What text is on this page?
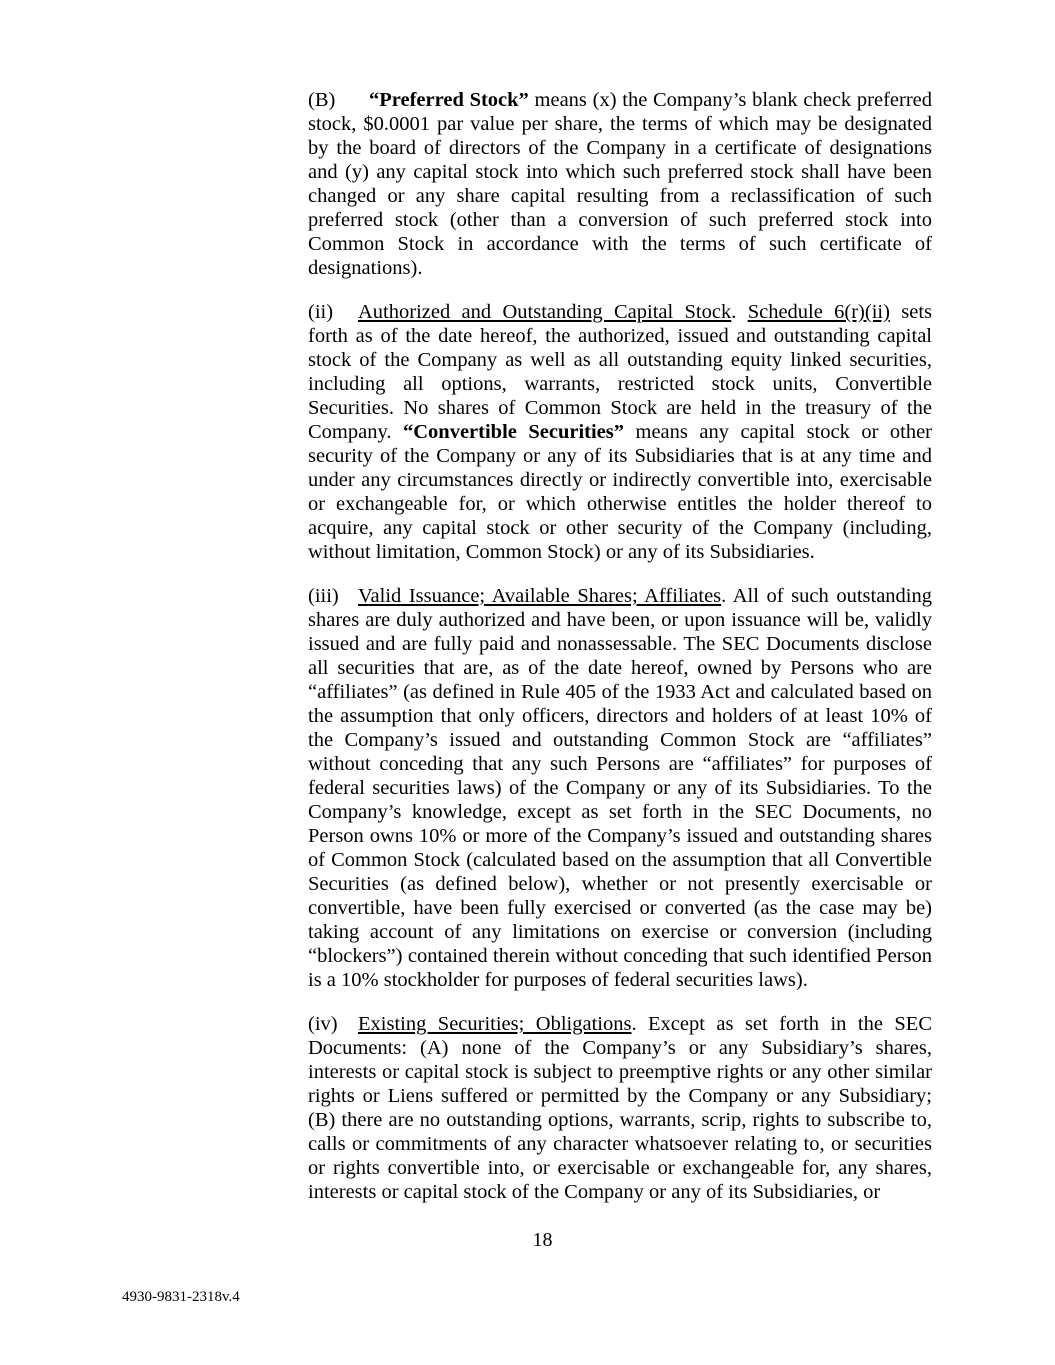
(B) “Preferred Stock” means (x) the Company’s blank check preferred stock, $0.0001 par value per share, the terms of which may be designated by the board of directors of the Company in a certificate of designations and (y) any capital stock into which such preferred stock shall have been changed or any share capital resulting from a reclassification of such preferred stock (other than a conversion of such preferred stock into Common Stock in accordance with the terms of such certificate of designations).

(ii) Authorized and Outstanding Capital Stock. Schedule 6(r)(ii) sets forth as of the date hereof, the authorized, issued and outstanding capital stock of the Company as well as all outstanding equity linked securities, including all options, warrants, restricted stock units, Convertible Securities. No shares of Common Stock are held in the treasury of the Company. “Convertible Securities” means any capital stock or other security of the Company or any of its Subsidiaries that is at any time and under any circumstances directly or indirectly convertible into, exercisable or exchangeable for, or which otherwise entitles the holder thereof to acquire, any capital stock or other security of the Company (including, without limitation, Common Stock) or any of its Subsidiaries.

(iii) Valid Issuance; Available Shares; Affiliates. All of such outstanding shares are duly authorized and have been, or upon issuance will be, validly issued and are fully paid and nonassessable. The SEC Documents disclose all securities that are, as of the date hereof, owned by Persons who are “affiliates” (as defined in Rule 405 of the 1933 Act and calculated based on the assumption that only officers, directors and holders of at least 10% of the Company’s issued and outstanding Common Stock are “affiliates” without conceding that any such Persons are “affiliates” for purposes of federal securities laws) of the Company or any of its Subsidiaries. To the Company’s knowledge, except as set forth in the SEC Documents, no Person owns 10% or more of the Company’s issued and outstanding shares of Common Stock (calculated based on the assumption that all Convertible Securities (as defined below), whether or not presently exercisable or convertible, have been fully exercised or converted (as the case may be) taking account of any limitations on exercise or conversion (including “blockers”) contained therein without conceding that such identified Person is a 10% stockholder for purposes of federal securities laws).

(iv) Existing Securities; Obligations. Except as set forth in the SEC Documents: (A) none of the Company’s or any Subsidiary’s shares, interests or capital stock is subject to preemptive rights or any other similar rights or Liens suffered or permitted by the Company or any Subsidiary; (B) there are no outstanding options, warrants, scrip, rights to subscribe to, calls or commitments of any character whatsoever relating to, or securities or rights convertible into, or exercisable or exchangeable for, any shares, interests or capital stock of the Company or any of its Subsidiaries, or

18
4930-9831-2318v.4
